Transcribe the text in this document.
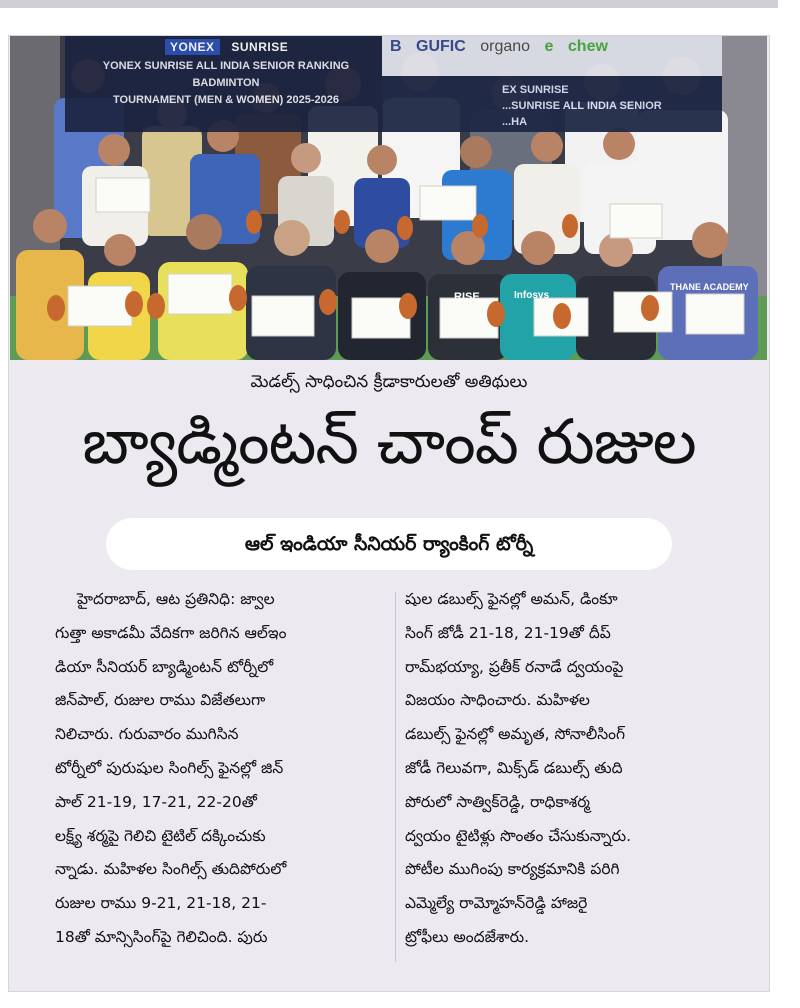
RISE	Infosys
THANE ACADEMY
YONEX SUNRISE
YONEX SUNRISE ALL INDIA SENIOR RANKING BADMINTON
TOURNAMENT (MEN & WOMEN) 2025-2026
B GUFIC organo e chew
EX SUNRISE
...SUNRISE ALL INDIA SENIOR
...HA
మెడల్స్ సాధించిన క్రీడాకారులతో అతిథులు
బ్యాడ్మింటన్ చాంప్ రుజుల
ఆల్ ఇండియా సీనియర్ ర్యాంకింగ్ టోర్నీ
హైదరాబాద్, ఆట ప్రతినిధి: జ్వాల
గుత్తా అకాడమీ వేదికగా జరిగిన ఆల్ఇం
డియా సీనియర్ బ్యాడ్మింటన్ టోర్నీలో
జిన్‌పాల్, రుజుల రాము విజేతలుగా
నిలిచారు. గురువారం ముగిసిన
టోర్నీలో పురుషుల సింగిల్స్ ఫైనల్లో జిన్
పాల్ 21-19, 17-21, 22-20తో
లక్ష్య్ శర్మపై గెలిచి టైటిల్ దక్కించుకు
న్నాడు. మహిళల సింగిల్స్ తుదిపోరులో
రుజుల రాము 9-21, 21-18, 21-
18తో మాన్సిసింగ్‌పై గెలిచింది. పురు
షుల డబుల్స్ ఫైనల్లో అమన్, డింకూ
సింగ్ జోడీ 21-18, 21-19తో దీప్
రామ్‌భయ్యా, ప్రతీక్ రనాడే ద్వయంపై
విజయం సాధించారు. మహిళల
డబుల్స్ ఫైనల్లో అమృత, సోనాలీసింగ్
జోడీ గెలువగా, మిక్స్‌డ్ డబుల్స్ తుది
పోరులో సాత్విక్‌రెడ్డి, రాధికాశర్మ
ద్వయం టైటిళ్లు సొంతం చేసుకున్నారు.
పోటీల ముగింపు కార్యక్రమానికి పరిగి
ఎమ్మెల్యే రామ్మోహన్‌రెడ్డి హాజరై
ట్రోఫీలు అందజేశారు.
